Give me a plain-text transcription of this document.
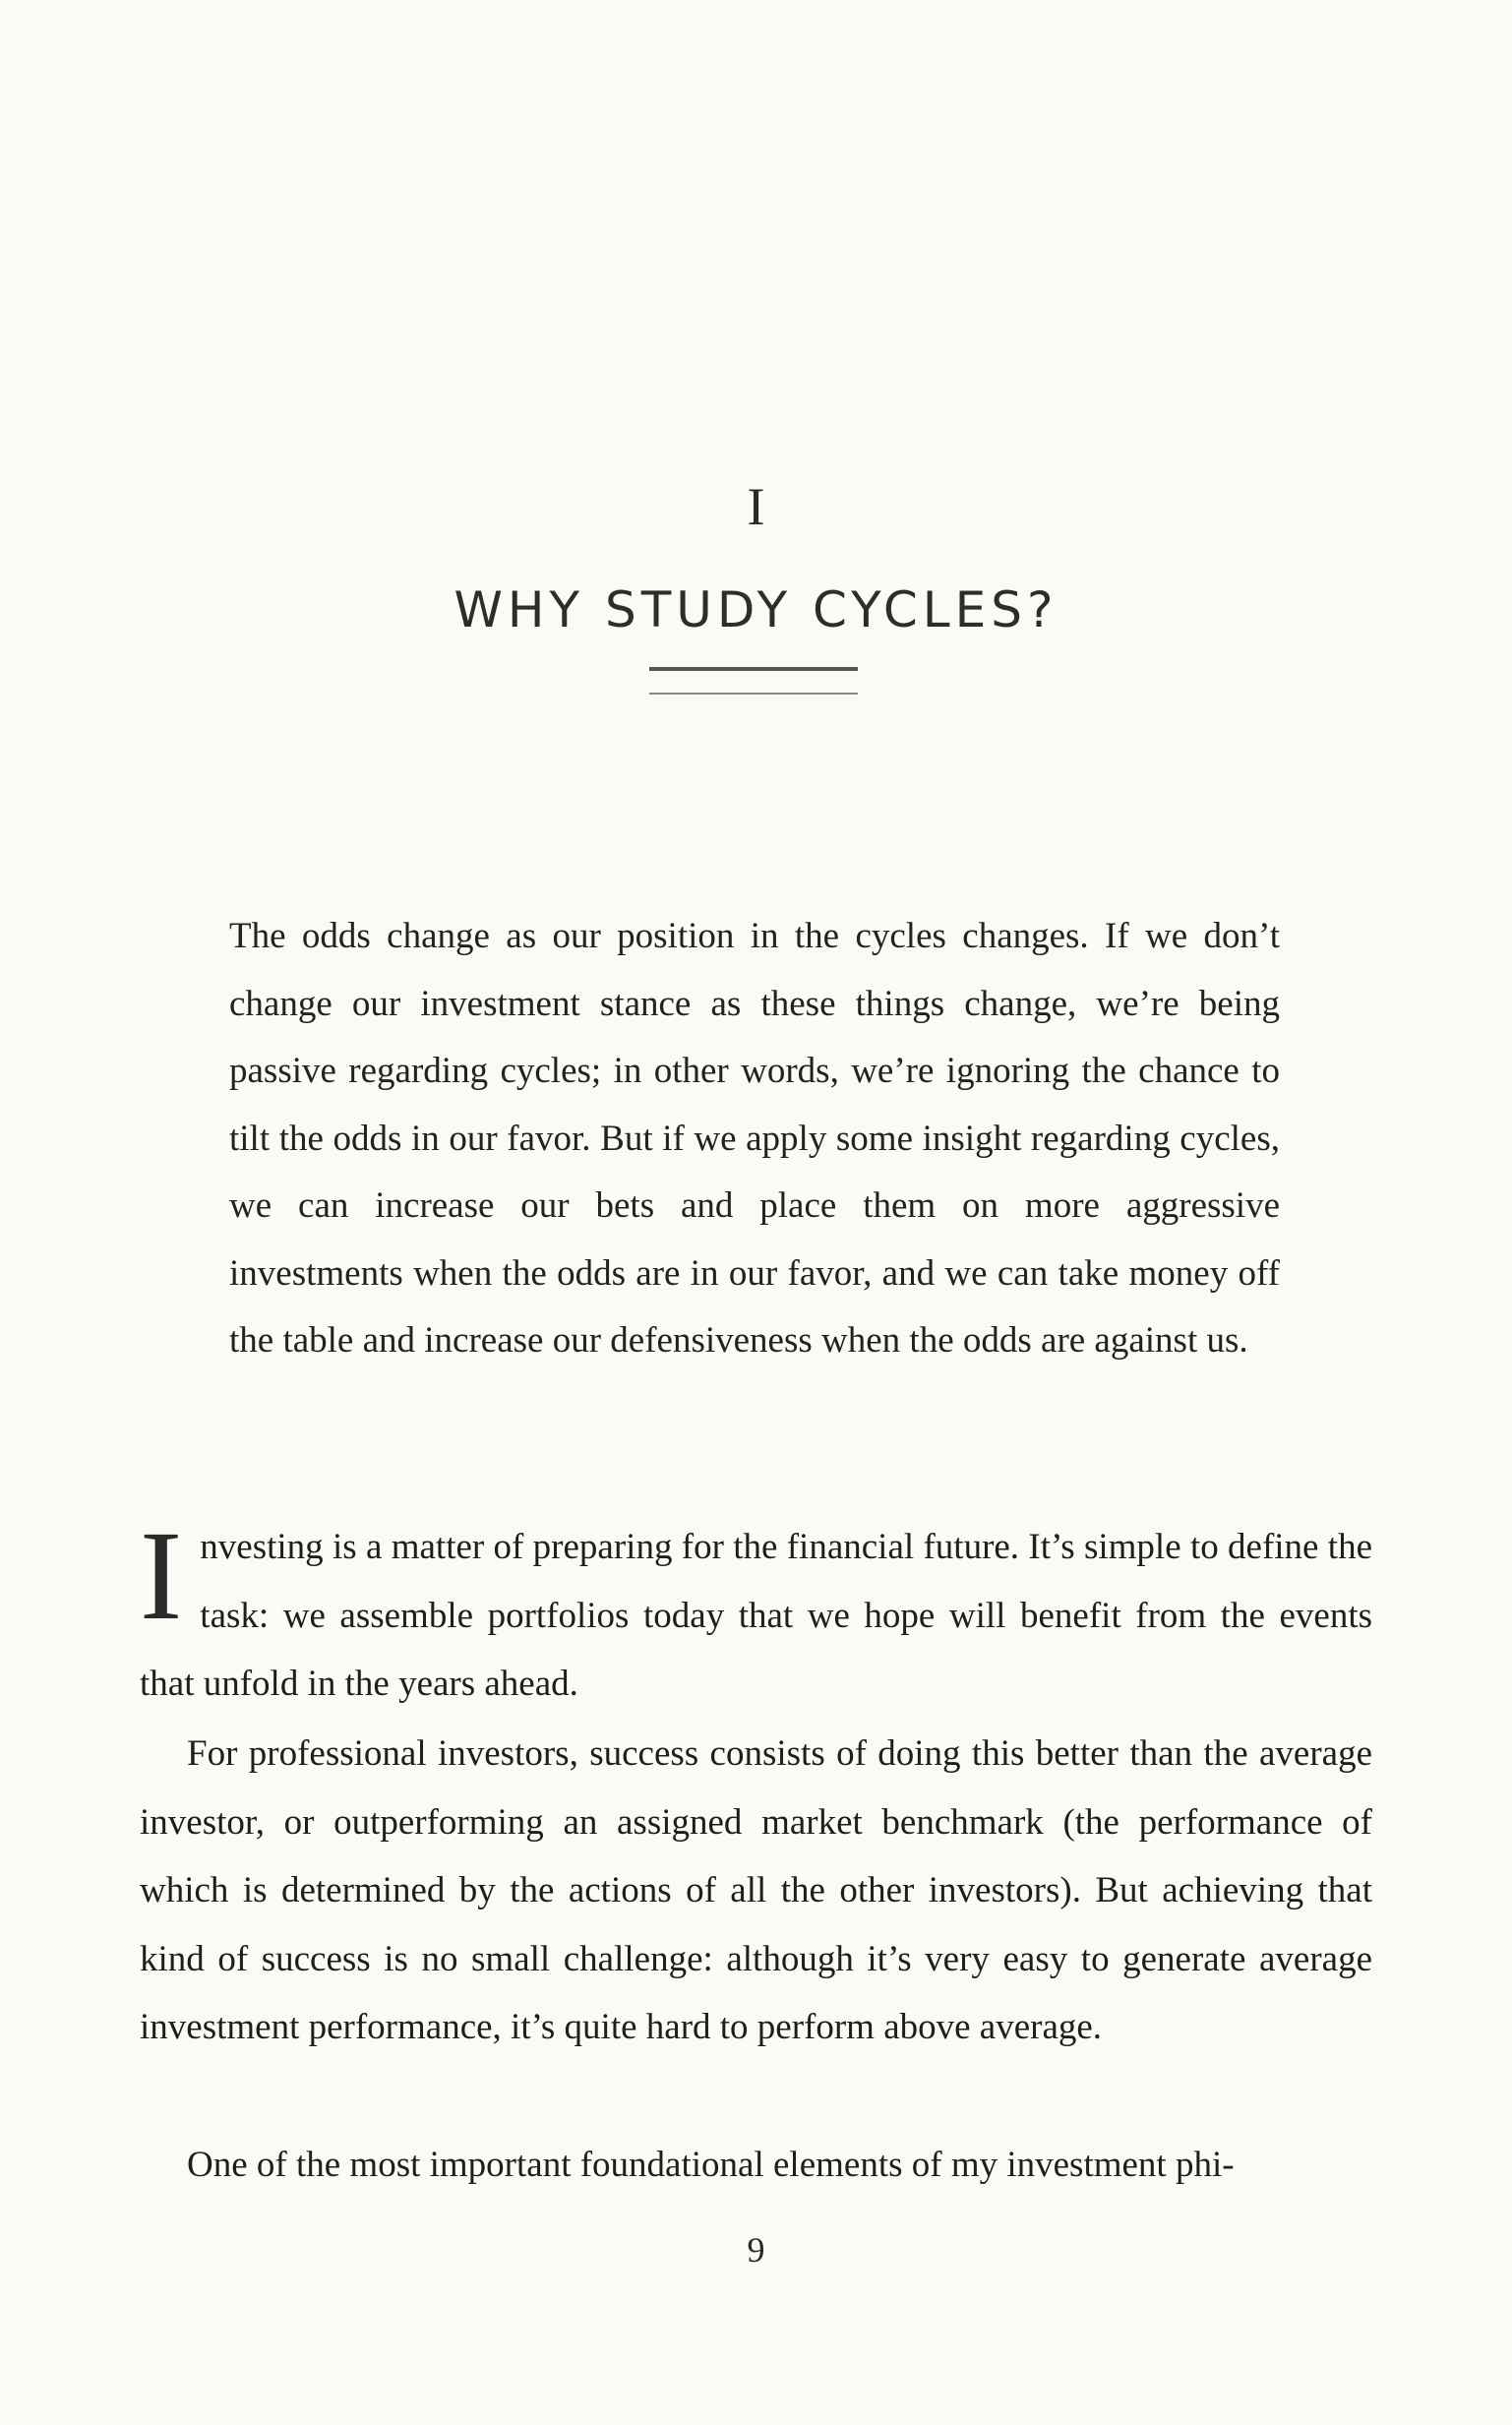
I
WHY STUDY CYCLES?
The odds change as our position in the cycles changes. If we don’t change our investment stance as these things change, we’re being passive regarding cycles; in other words, we’re ignoring the chance to tilt the odds in our favor. But if we apply some insight regarding cycles, we can increase our bets and place them on more aggressive investments when the odds are in our favor, and we can take money off the table and increase our defensiveness when the odds are against us.
I nvesting is a matter of preparing for the financial future. It’s simple to define the task: we assemble portfolios today that we hope will benefit from the events that unfold in the years ahead.

For professional investors, success consists of doing this better than the average investor, or outperforming an assigned market benchmark (the performance of which is determined by the actions of all the other investors). But achieving that kind of success is no small challenge: although it’s very easy to generate average investment performance, it’s quite hard to perform above average.

One of the most important foundational elements of my investment phi-

9
